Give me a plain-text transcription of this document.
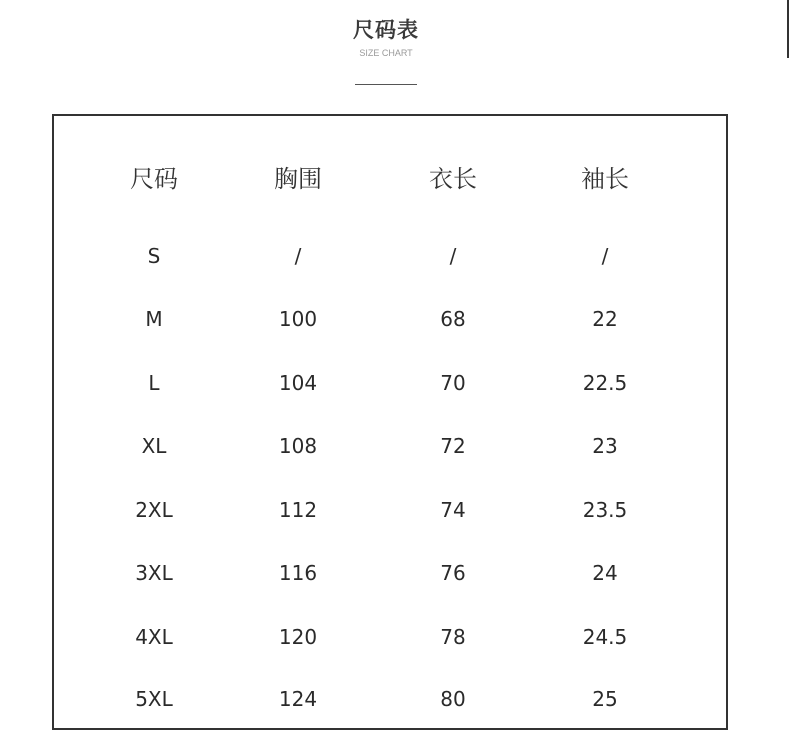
尺码表
SIZE CHART
尺码	胸围	衣长	袖长
S	/	/	/
M	100	68	22
L	104	70	22.5
XL	108	72	23
2XL	112	74	23.5
3XL	116	76	24
4XL	120	78	24.5
5XL	124	80	25
